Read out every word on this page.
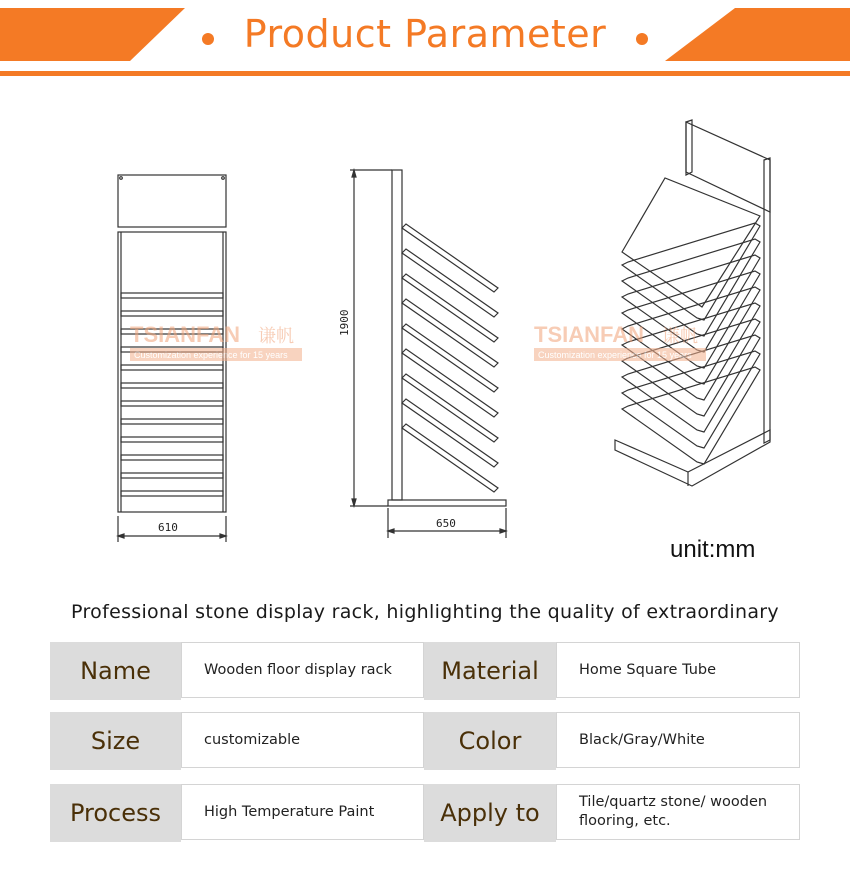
Product Parameter
610	650
1900
TSIANFAN 谦帆
Customization experience for 15 years
TSIANFAN 谦帆
Customization experience for 15 years
unit:mm
Professional stone display rack, highlighting the quality of extraordinary
Name	Wooden floor display rack	Material	Home Square Tube
Size	customizable	Color	Black/Gray/White
Process	High Temperature Paint	Apply to	Tile/quartz stone/ wooden flooring, etc.
